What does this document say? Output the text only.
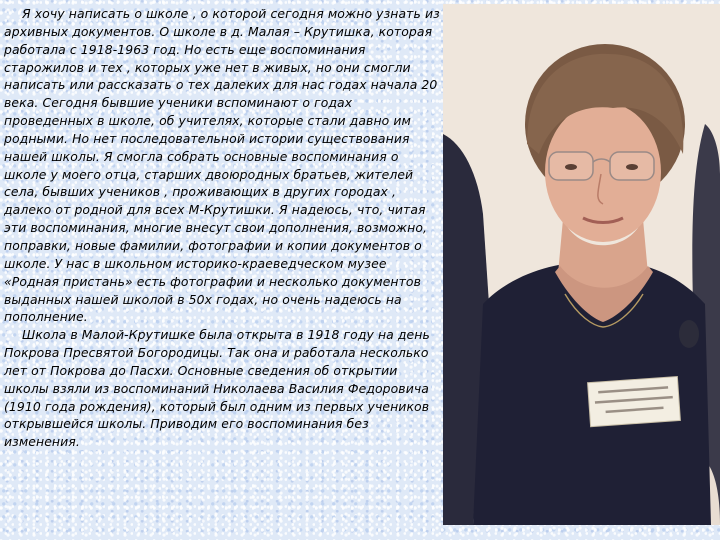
Я хочу написать о школе , о которой сегодня можно узнать из архивных документов. О школе в д. Малая – Крутишка, которая работала с 1918-1963 год. Но есть еще воспоминания старожилов и тех , которых уже нет в живых, но они смогли написать или рассказать о тех далеких для нас годах начала 20 века. Сегодня бывшие ученики вспоминают о годах проведенных в школе, об учителях, которые стали давно им родными. Но нет последовательной истории существования нашей школы. Я смогла собрать основные воспоминания о школе у моего отца, старших двоюродных братьев, жителей села, бывших учеников , проживающих в других городах , далеко от родной для всех М-Крутишки. Я надеюсь, что, читая эти воспоминания, многие внесут свои дополнения, возможно, поправки, новые фамилии, фотографии и копии документов о школе. У нас в школьном историко-краеведческом музее «Родная пристань» есть фотографии и несколько документов выданных нашей школой в 50х годах, но очень надеюсь на пополнение.

Школа в Малой-Крутишке была открыта в 1918 году на день Покрова Пресвятой Богородицы. Так она и работала несколько лет от Покрова до Пасхи. Основные сведения об открытии школы взяли из воспоминаний Николаева Василия Федоровича (1910 года рождения), который был одним из первых учеников открывшейся школы. Приводим его воспоминания без изменения.
